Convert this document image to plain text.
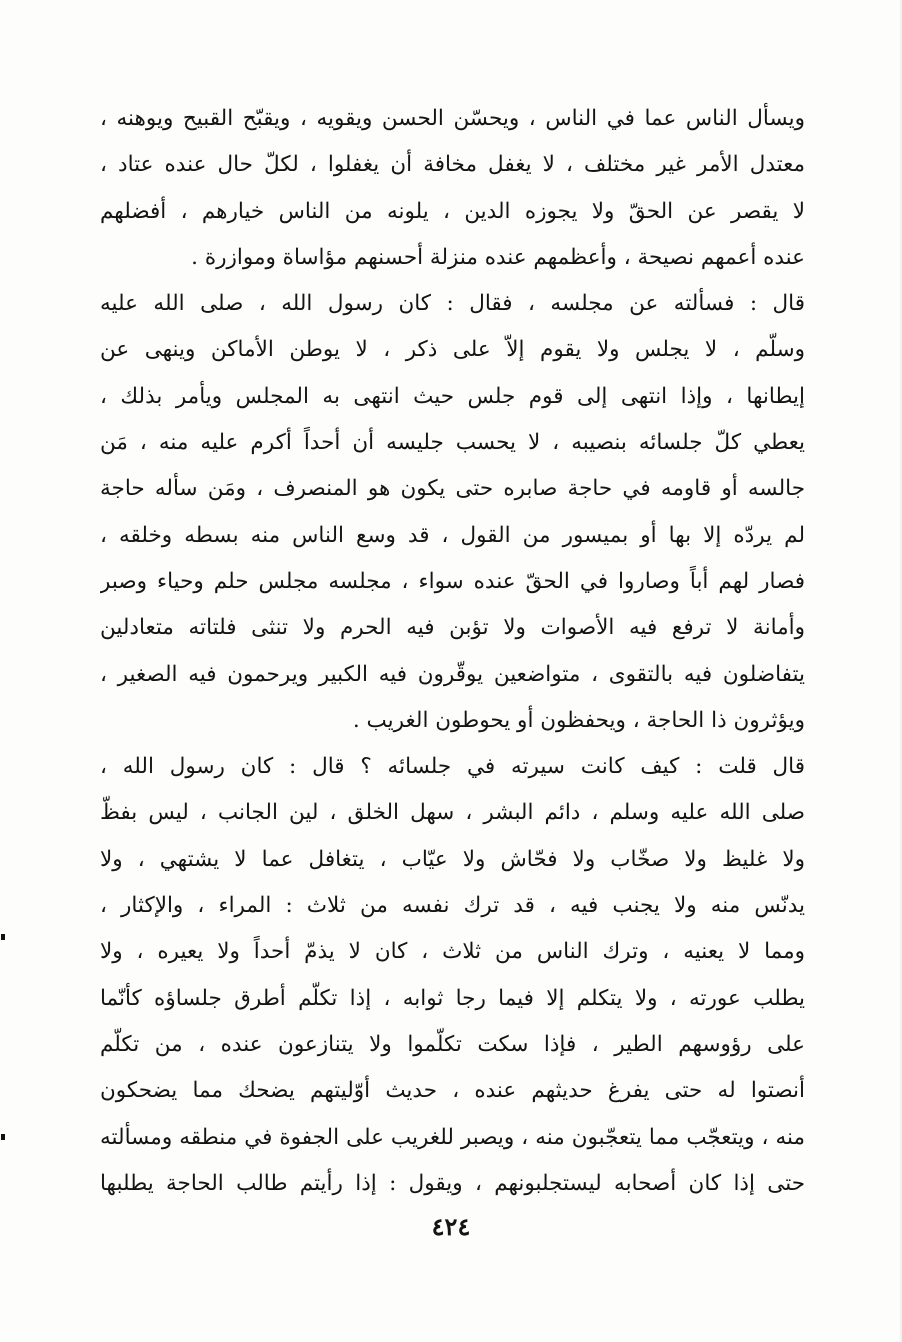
ويسأل الناس عما في الناس ، ويحسّن الحسن ويقويه ، ويقبّح القبيح ويوهنه ،
معتدل الأمر غير مختلف ، لا يغفل مخافة أن يغفلوا ، لكلّ حال عنده عتاد ،
لا يقصر عن الحقّ ولا يجوزه الدين ، يلونه من الناس خيارهم ، أفضلهم
عنده أعمهم نصيحة ، وأعظمهم عنده منزلة أحسنهم مؤاساة وموازرة .
قال : فسألته عن مجلسه ، فقال : كان رسول الله ، صلى الله عليه
وسلّم ، لا يجلس ولا يقوم إلاّ على ذكر ، لا يوطن الأماكن وينهى عن
إيطانها ، وإذا انتهى إلى قوم جلس حيث انتهى به المجلس ويأمر بذلك ،
يعطي كلّ جلسائه بنصيبه ، لا يحسب جليسه أن أحداً أكرم عليه منه ، مَن
جالسه أو قاومه في حاجة صابره حتى يكون هو المنصرف ، ومَن سأله حاجة
لم يردّه إلا بها أو بميسور من القول ، قد وسع الناس منه بسطه وخلقه ،
فصار لهم أباً وصاروا في الحقّ عنده سواء ، مجلسه مجلس حلم وحياء وصبر
وأمانة لا ترفع فيه الأصوات ولا تؤبن فيه الحرم ولا تنثى فلتاته متعادلين
يتفاضلون فيه بالتقوى ، متواضعين يوقّرون فيه الكبير ويرحمون فيه الصغير ،
ويؤثرون ذا الحاجة ، ويحفظون أو يحوطون الغريب .
قال قلت : كيف كانت سيرته في جلسائه ؟ قال : كان رسول الله ،
صلى الله عليه وسلم ، دائم البشر ، سهل الخلق ، لين الجانب ، ليس بفظّ
ولا غليظ ولا صخّاب ولا فحّاش ولا عيّاب ، يتغافل عما لا يشتهي ، ولا
يدنّس منه ولا يجنب فيه ، قد ترك نفسه من ثلاث : المراء ، والإكثار ،
ومما لا يعنيه ، وترك الناس من ثلاث ، كان لا يذمّ أحداً ولا يعيره ، ولا
يطلب عورته ، ولا يتكلم إلا فيما رجا ثوابه ، إذا تكلّم أطرق جلساؤه كأنّما
على رؤوسهم الطير ، فإذا سكت تكلّموا ولا يتنازعون عنده ، من تكلّم
أنصتوا له حتى يفرغ حديثهم عنده ، حديث أوّليتهم يضحك مما يضحكون
منه ، ويتعجّب مما يتعجّبون منه ، ويصبر للغريب على الجفوة في منطقه ومسألته
حتى إذا كان أصحابه ليستجلبونهم ، ويقول : إذا رأيتم طالب الحاجة يطلبها
٤٢٤
